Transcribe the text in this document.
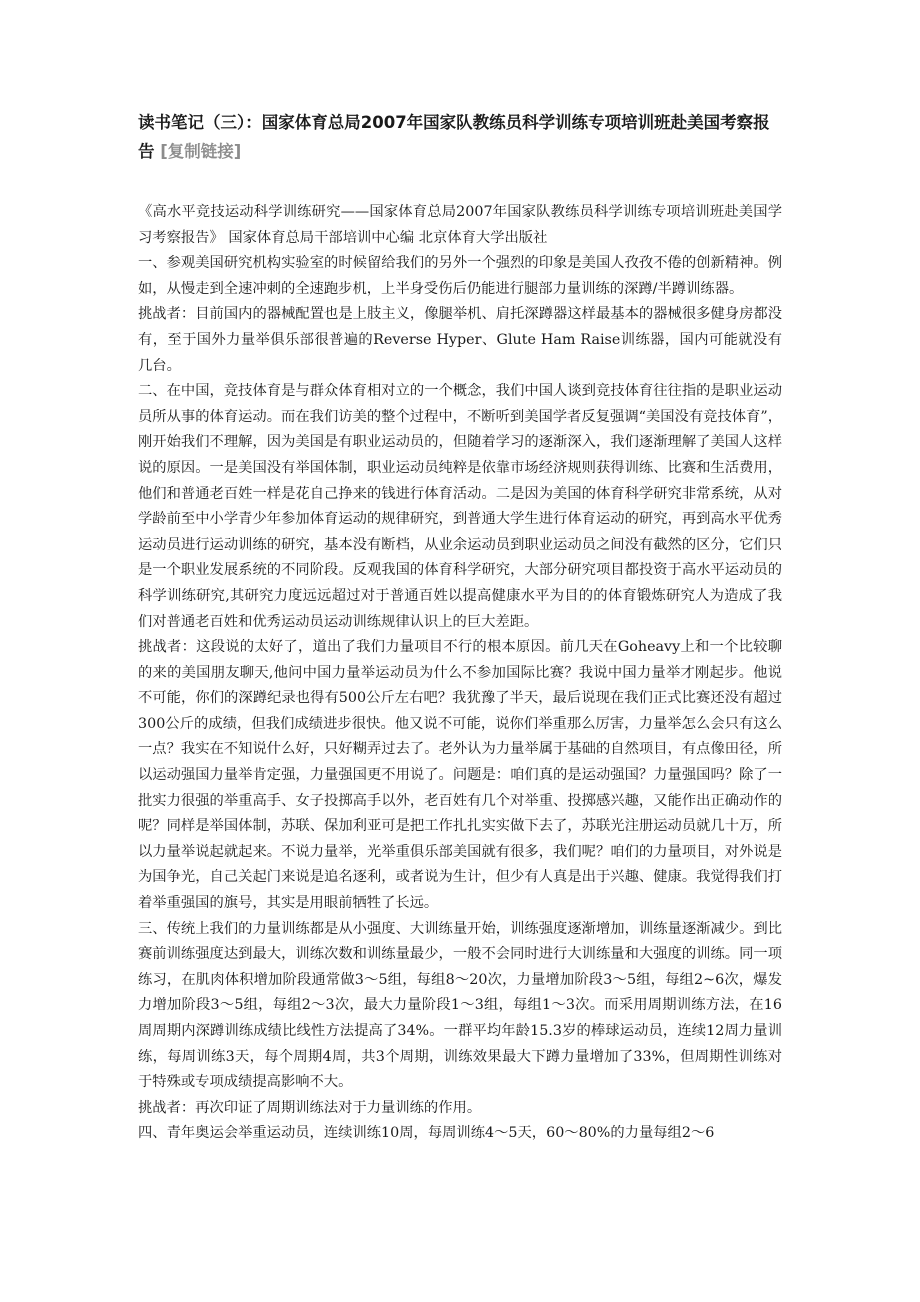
读书笔记（三）：国家体育总局2007年国家队教练员科学训练专项培训班赴美国考察报告 [复制链接]

《高水平竞技运动科学训练研究——国家体育总局2007年国家队教练员科学训练专项培训班赴美国学习考察报告》 国家体育总局干部培训中心编 北京体育大学出版社

一、参观美国研究机构实验室的时候留给我们的另外一个强烈的印象是美国人孜孜不倦的创新精神。例如，从慢走到全速冲刺的全速跑步机，上半身受伤后仍能进行腿部力量训练的深蹲/半蹲训练器。

挑战者：目前国内的器械配置也是上肢主义，像腿举机、肩托深蹲器这样最基本的器械很多健身房都没有，至于国外力量举俱乐部很普遍的Reverse Hyper、Glute Ham Raise训练器，国内可能就没有几台。

二、在中国，竞技体育是与群众体育相对立的一个概念，我们中国人谈到竞技体育往往指的是职业运动员所从事的体育运动。而在我们访美的整个过程中，不断听到美国学者反复强调“美国没有竞技体育”，刚开始我们不理解，因为美国是有职业运动员的，但随着学习的逐渐深入，我们逐渐理解了美国人这样说的原因。一是美国没有举国体制，职业运动员纯粹是依靠市场经济规则获得训练、比赛和生活费用，他们和普通老百姓一样是花自己挣来的钱进行体育活动。二是因为美国的体育科学研究非常系统，从对学龄前至中小学青少年参加体育运动的规律研究，到普通大学生进行体育运动的研究，再到高水平优秀运动员进行运动训练的研究，基本没有断档，从业余运动员到职业运动员之间没有截然的区分，它们只是一个职业发展系统的不同阶段。反观我国的体育科学研究，大部分研究项目都投资于高水平运动员的科学训练研究,其研究力度远远超过对于普通百姓以提高健康水平为目的的体育锻炼研究人为造成了我们对普通老百姓和优秀运动员运动训练规律认识上的巨大差距。

挑战者：这段说的太好了，道出了我们力量项目不行的根本原因。前几天在Goheavy上和一个比较聊的来的美国朋友聊天,他问中国力量举运动员为什么不参加国际比赛？我说中国力量举才刚起步。他说不可能，你们的深蹲纪录也得有500公斤左右吧？我犹豫了半天，最后说现在我们正式比赛还没有超过300公斤的成绩，但我们成绩进步很快。他又说不可能，说你们举重那么厉害，力量举怎么会只有这么一点？我实在不知说什么好，只好糊弄过去了。老外认为力量举属于基础的自然项目，有点像田径，所以运动强国力量举肯定强，力量强国更不用说了。问题是：咱们真的是运动强国？力量强国吗？除了一批实力很强的举重高手、女子投掷高手以外，老百姓有几个对举重、投掷感兴趣，又能作出正确动作的呢？同样是举国体制，苏联、保加利亚可是把工作扎扎实实做下去了，苏联光注册运动员就几十万，所以力量举说起就起来。不说力量举，光举重俱乐部美国就有很多，我们呢？咱们的力量项目，对外说是为国争光，自己关起门来说是追名逐利，或者说为生计，但少有人真是出于兴趣、健康。我觉得我们打着举重强国的旗号，其实是用眼前牺牲了长远。

三、传统上我们的力量训练都是从小强度、大训练量开始，训练强度逐渐增加，训练量逐渐减少。到比赛前训练强度达到最大，训练次数和训练量最少，一般不会同时进行大训练量和大强度的训练。同一项练习，在肌肉体积增加阶段通常做3～5组，每组8～20次，力量增加阶段3～5组，每组2~6次，爆发力增加阶段3～5组，每组2～3次，最大力量阶段1～3组，每组1～3次。而采用周期训练方法，在16周周期内深蹲训练成绩比线性方法提高了34%。一群平均年龄15.3岁的棒球运动员，连续12周力量训练，每周训练3天，每个周期4周，共3个周期，训练效果最大下蹲力量增加了33%，但周期性训练对于特殊或专项成绩提高影响不大。

挑战者：再次印证了周期训练法对于力量训练的作用。

四、青年奥运会举重运动员，连续训练10周，每周训练4～5天，60～80%的力量每组2～6
